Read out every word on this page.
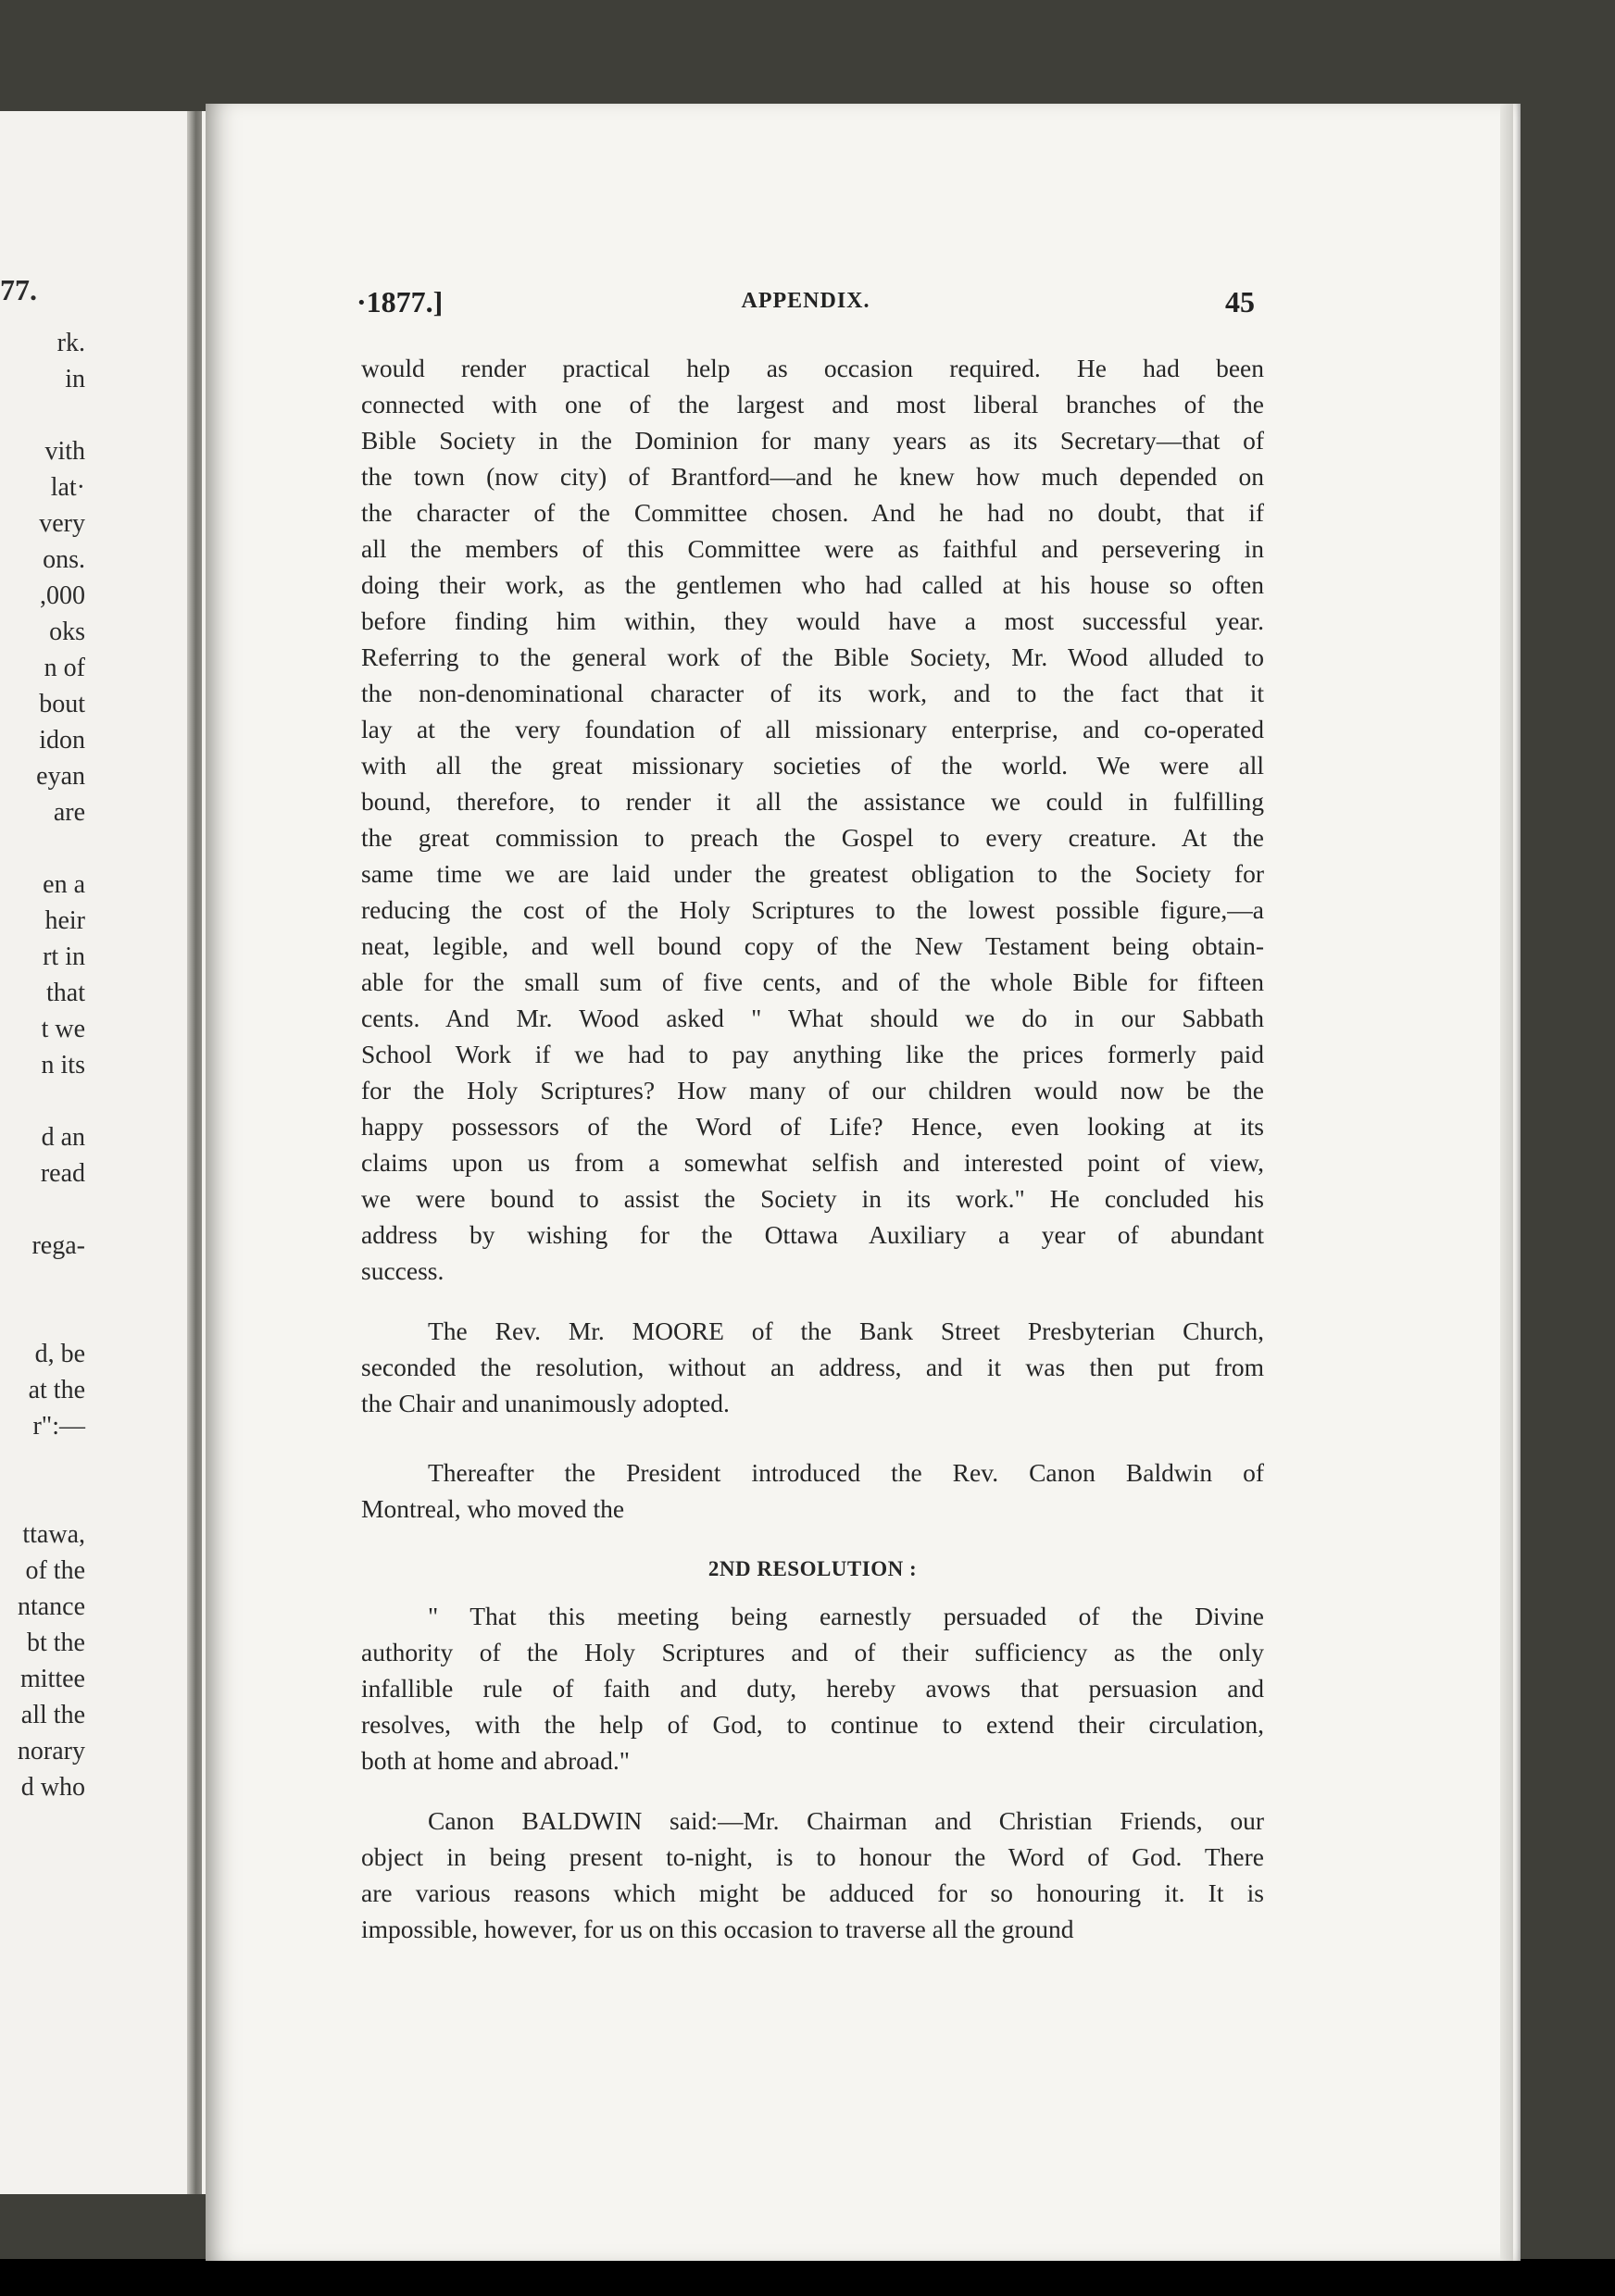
77.
rk.
in
vith
lat·
very
ons.
,000
oks
n of
bout
idon
eyan
are
en a
heir
rt in
that
t we
n its
d an
read
rega-
d, be
at the
r":—
ttawa,
of the
ntance
bt the
mittee
all the
norary
d who
·1877.]	APPENDIX.	45
would render practical help as occasion required. He had been
connected with one of the largest and most liberal branches of the
Bible Society in the Dominion for many years as its Secretary—that of
the town (now city) of Brantford—and he knew how much depended on
the character of the Committee chosen. And he had no doubt, that if
all the members of this Committee were as faithful and persevering in
doing their work, as the gentlemen who had called at his house so often
before finding him within, they would have a most successful year.
Referring to the general work of the Bible Society, Mr. Wood alluded to
the non-denominational character of its work, and to the fact that it
lay at the very foundation of all missionary enterprise, and co-operated
with all the great missionary societies of the world. We were all
bound, therefore, to render it all the assistance we could in fulfilling
the great commission to preach the Gospel to every creature. At the
same time we are laid under the greatest obligation to the Society for
reducing the cost of the Holy Scriptures to the lowest possible figure,—a
neat, legible, and well bound copy of the New Testament being obtain-
able for the small sum of five cents, and of the whole Bible for fifteen
cents. And Mr. Wood asked " What should we do in our Sabbath
School Work if we had to pay anything like the prices formerly paid
for the Holy Scriptures? How many of our children would now be the
happy possessors of the Word of Life? Hence, even looking at its
claims upon us from a somewhat selfish and interested point of view,
we were bound to assist the Society in its work." He concluded his
address by wishing for the Ottawa Auxiliary a year of abundant
success.
The Rev. Mr. MOORE of the Bank Street Presbyterian Church,
seconded the resolution, without an address, and it was then put from
the Chair and unanimously adopted.
Thereafter the President introduced the Rev. Canon Baldwin of
Montreal, who moved the
2ND RESOLUTION :
" That this meeting being earnestly persuaded of the Divine
authority of the Holy Scriptures and of their sufficiency as the only
infallible rule of faith and duty, hereby avows that persuasion and
resolves, with the help of God, to continue to extend their circulation,
both at home and abroad."
Canon BALDWIN said:—Mr. Chairman and Christian Friends, our
object in being present to-night, is to honour the Word of God. There
are various reasons which might be adduced for so honouring it. It is
impossible, however, for us on this occasion to traverse all the ground
